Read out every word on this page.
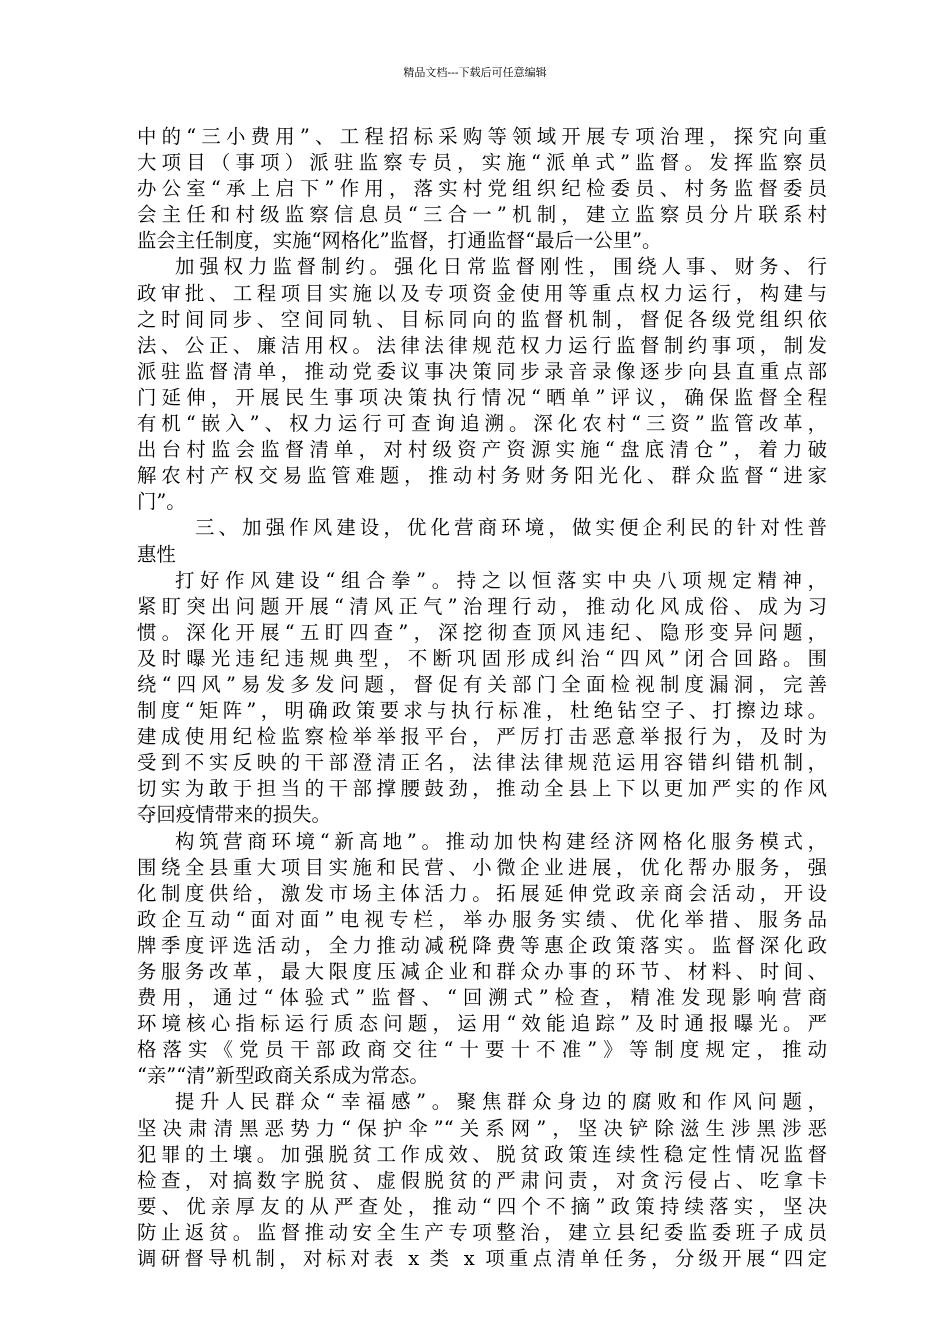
精品文档---下载后可任意编辑
中的“三小费用”、工程招标采购等领域开展专项治理，探究向重
大项目（事项）派驻监察专员，实施“派单式”监督。发挥监察员
办公室“承上启下”作用，落实村党组织纪检委员、村务监督委员
会主任和村级监察信息员“三合一”机制，建立监察员分片联系村
监会主任制度，实施“网格化”监督，打通监督“最后一公里”。
加强权力监督制约。强化日常监督刚性，围绕人事、财务、行
政审批、工程项目实施以及专项资金使用等重点权力运行，构建与
之时间同步、空间同轨、目标同向的监督机制，督促各级党组织依
法、公正、廉洁用权。法律法律规范权力运行监督制约事项，制发
派驻监督清单，推动党委议事决策同步录音录像逐步向县直重点部
门延伸，开展民生事项决策执行情况“晒单”评议，确保监督全程
有机“嵌入”、权力运行可查询追溯。深化农村“三资”监管改革，
出台村监会监督清单，对村级资产资源实施“盘底清仓”，着力破
解农村产权交易监管难题，推动村务财务阳光化、群众监督“进家
门”。
三、加强作风建设，优化营商环境，做实便企利民的针对性普
惠性
打好作风建设“组合拳”。持之以恒落实中央八项规定精神，
紧盯突出问题开展“清风正气”治理行动，推动化风成俗、成为习
惯。深化开展“五盯四查”，深挖彻查顶风违纪、隐形变异问题，
及时曝光违纪违规典型，不断巩固形成纠治“四风”闭合回路。围
绕“四风”易发多发问题，督促有关部门全面检视制度漏洞，完善
制度“矩阵”，明确政策要求与执行标准，杜绝钻空子、打擦边球。
建成使用纪检监察检举举报平台，严厉打击恶意举报行为，及时为
受到不实反映的干部澄清正名，法律法律规范运用容错纠错机制，
切实为敢于担当的干部撑腰鼓劲，推动全县上下以更加严实的作风
夺回疫情带来的损失。
构筑营商环境“新高地”。推动加快构建经济网格化服务模式，
围绕全县重大项目实施和民营、小微企业进展，优化帮办服务，强
化制度供给，激发市场主体活力。拓展延伸党政亲商会活动，开设
政企互动“面对面”电视专栏，举办服务实绩、优化举措、服务品
牌季度评选活动，全力推动减税降费等惠企政策落实。监督深化政
务服务改革，最大限度压减企业和群众办事的环节、材料、时间、
费用，通过“体验式”监督、“回溯式”检查，精准发现影响营商
环境核心指标运行质态问题，运用“效能追踪”及时通报曝光。严
格落实《党员干部政商交往“十要十不准”》等制度规定，推动
“亲”“清”新型政商关系成为常态。
提升人民群众“幸福感”。聚焦群众身边的腐败和作风问题，
坚决肃清黑恶势力“保护伞”“关系网”，坚决铲除滋生涉黑涉恶
犯罪的土壤。加强脱贫工作成效、脱贫政策连续性稳定性情况监督
检查，对搞数字脱贫、虚假脱贫的严肃问责，对贪污侵占、吃拿卡
要、优亲厚友的从严查处，推动“四个不摘”政策持续落实，坚决
防止返贫。监督推动安全生产专项整治，建立县纪委监委班子成员
调研督导机制，对标对表 x 类 x 项重点清单任务，分级开展“四定
